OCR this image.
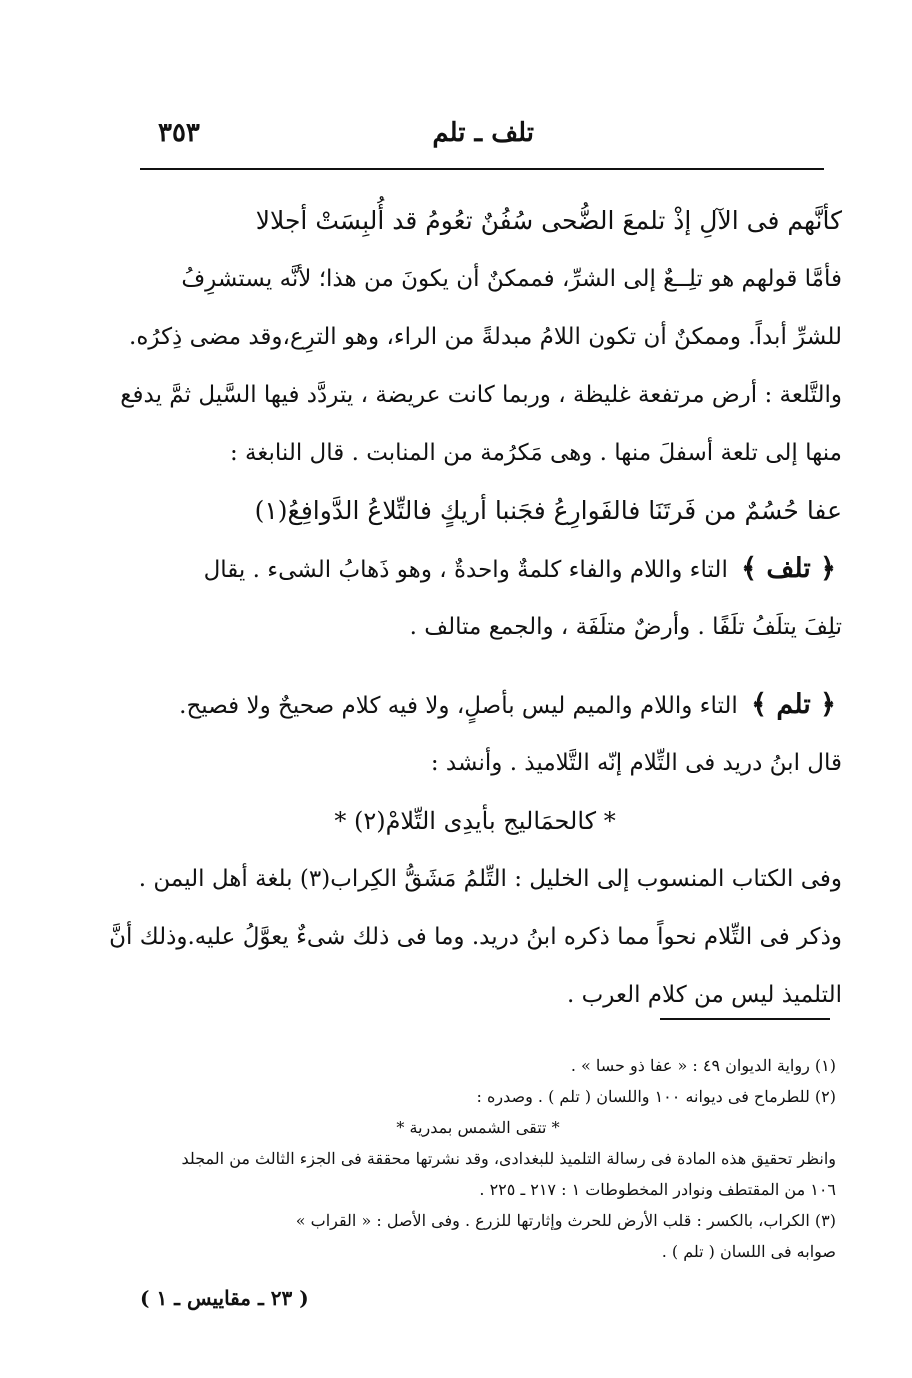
تلف ـ تلم
٣٥٣
كأنَّهم فى الآلِ إذْ تلمعَ الضُّحى سُفُنٌ تعُومُ قد أُلبِسَتْ أجلالا
فأمَّا قولهم هو تلِــعٌ إلى الشرِّ، فممكنٌ أن يكونَ من هذا؛ لأنَّه يستشرِفُ
للشرِّ أبداً. وممكنٌ أن تكون اللامُ مبدلةً من الراء، وهو الترِع،وقد مضى ذِكرُه.
والتَّلعة : أرض مرتفعة غليظة ، وربما كانت عريضة ، يتردَّد فيها السَّيل ثمَّ يدفع
منها إلى تلعة أسفلَ منها . وهى مَكرُمة من المنابت . قال النابغة :
عفا حُسُمٌ من فَرتَنَا فالفَوارِعُ فجَنبا أريكٍ فالتِّلاعُ الدَّوافِعُ(١)
﴿ تلف ﴾ التاء واللام والفاء كلمةٌ واحدةٌ ، وهو ذَهابُ الشىء . يقال
تلِفَ يتلَفُ تلَفًا . وأرضٌ متلَفَة ، والجمع متالف .
﴿ تلم ﴾ التاء واللام والميم ليس بأصلٍ، ولا فيه كلام صحيحٌ ولا فصيح.
قال ابنُ دريد فى التِّلام إنّه التَّلاميذ . وأنشد :
* كالحمَاليج بأيدِى التِّلامْ(٢) *
وفى الكتاب المنسوب إلى الخليل : التِّلمُ مَشَقُّ الكِراب(٣) بلغة أهل اليمن .
وذكر فى التِّلام نحواً مما ذكره ابنُ دريد. وما فى ذلك شىءٌ يعوَّلُ عليه.وذلك أنَّ
التلميذ ليس من كلام العرب .
(١) رواية الديوان ٤٩ : « عفا ذو حسا » .
(٢) للطرماح فى ديوانه ١٠٠ واللسان ( تلم ) . وصدره :
* تتقى الشمس بمدرية *
وانظر تحقيق هذه المادة فى رسالة التلميذ للبغدادى، وقد نشرتها محققة فى الجزء الثالث من المجلد
١٠٦ من المقتطف ونوادر المخطوطات ١ : ٢١٧ ـ ٢٢٥ .
(٣) الكراب، بالكسر : قلب الأرض للحرث وإثارتها للزرع . وفى الأصل : « القراب »
صوابه فى اللسان ( تلم ) .
( ٢٣ ـ مقاييس ـ ١ )
